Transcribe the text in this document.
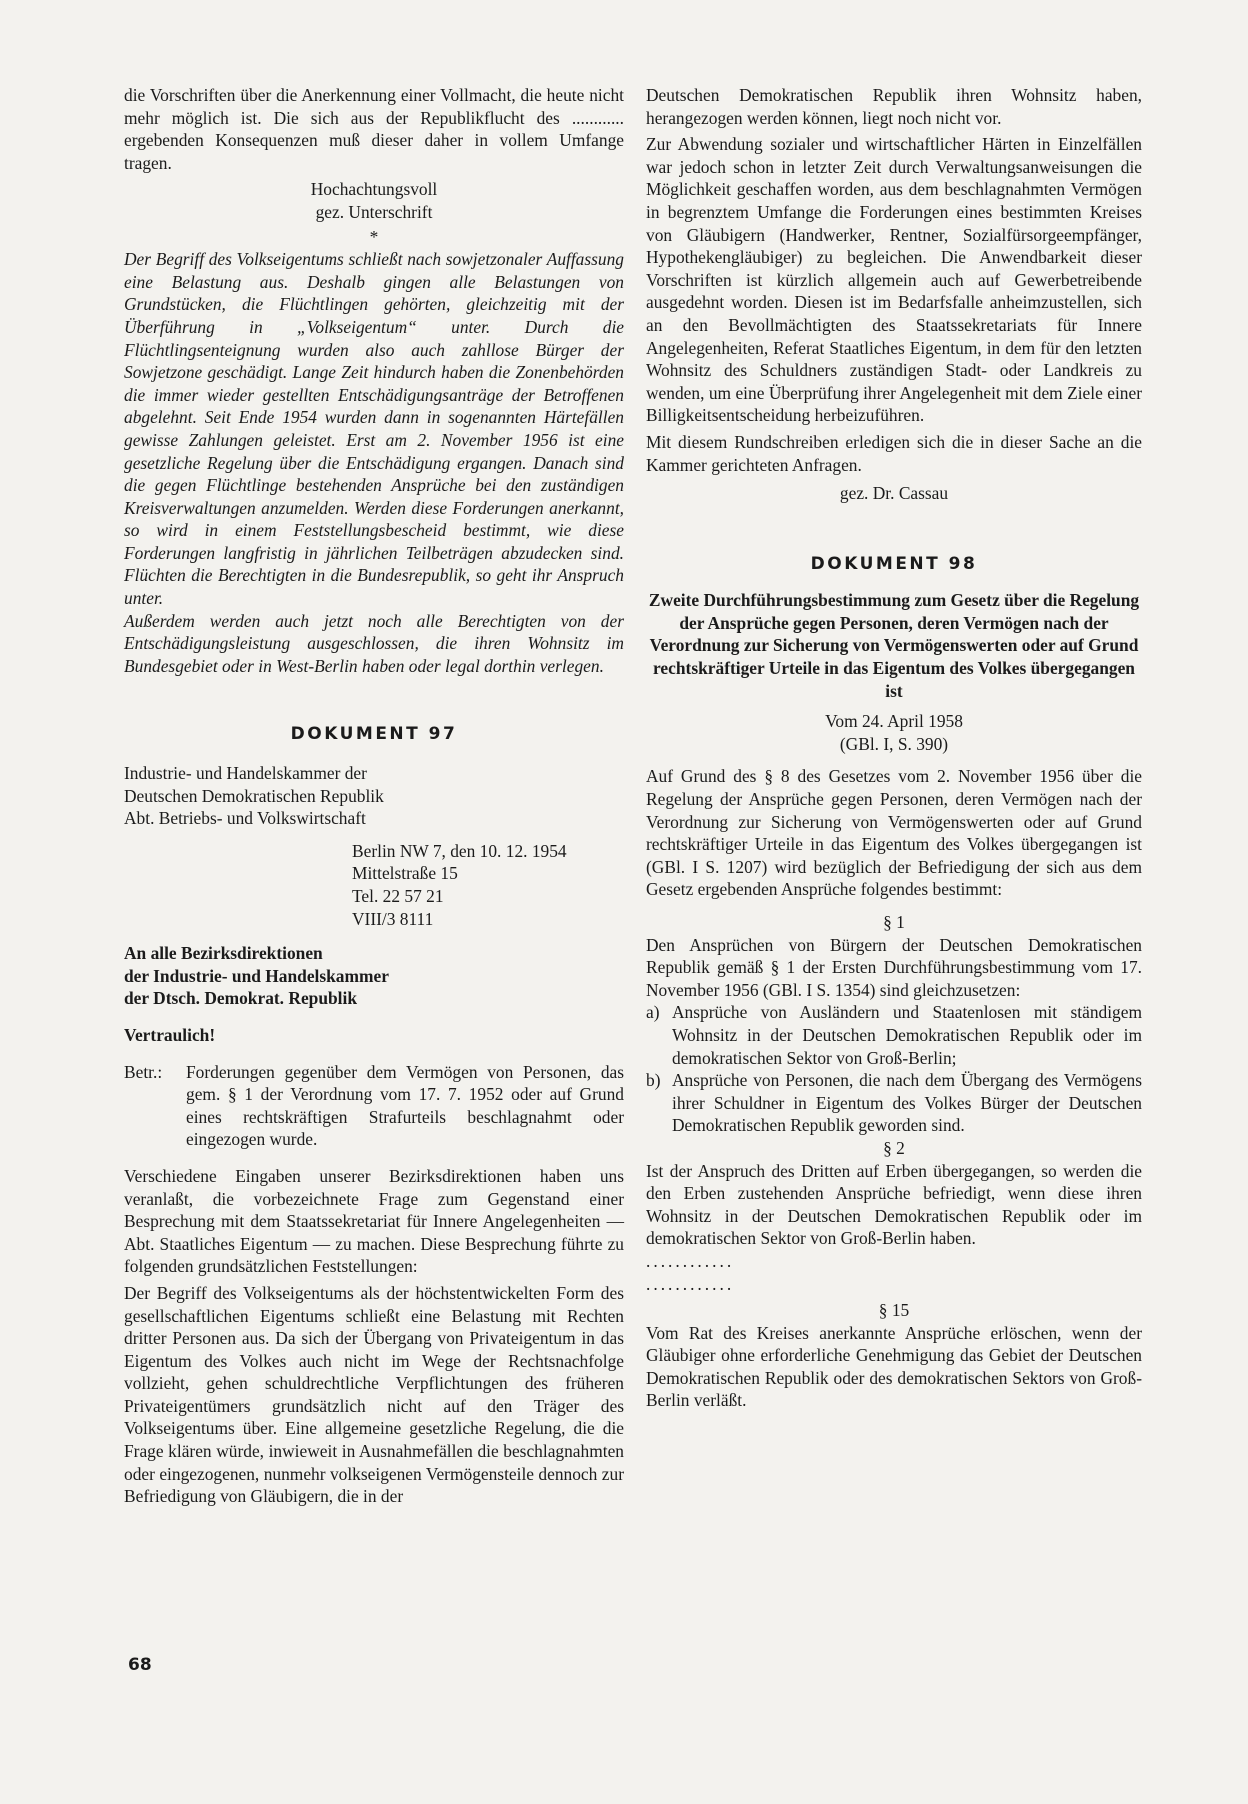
die Vorschriften über die Anerkennung einer Vollmacht, die heute nicht mehr möglich ist. Die sich aus der Republikflucht des ............ ergebenden Konsequenzen muß dieser daher in vollem Umfange tragen.

Hochachtungsvoll

gez. Unterschrift

*

Der Begriff des Volkseigentums schließt nach sowjetzonaler Auffassung eine Belastung aus. Deshalb gingen alle Belastungen von Grundstücken, die Flüchtlingen gehörten, gleichzeitig mit der Überführung in „Volkseigentum“ unter. Durch die Flüchtlingsenteignung wurden also auch zahllose Bürger der Sowjetzone geschädigt. Lange Zeit hindurch haben die Zonenbehörden die immer wieder gestellten Entschädigungsanträge der Betroffenen abgelehnt. Seit Ende 1954 wurden dann in sogenannten Härtefällen gewisse Zahlungen geleistet. Erst am 2. November 1956 ist eine gesetzliche Regelung über die Entschädigung ergangen. Danach sind die gegen Flüchtlinge bestehenden Ansprüche bei den zuständigen Kreisverwaltungen anzumelden. Werden diese Forderungen anerkannt, so wird in einem Feststellungsbescheid bestimmt, wie diese Forderungen langfristig in jährlichen Teilbeträgen abzudecken sind. Flüchten die Berechtigten in die Bundesrepublik, so geht ihr Anspruch unter.

Außerdem werden auch jetzt noch alle Berechtigten von der Entschädigungsleistung ausgeschlossen, die ihren Wohnsitz im Bundesgebiet oder in West-Berlin haben oder legal dorthin verlegen.

DOKUMENT 97

Industrie- und Handelskammer der
Deutschen Demokratischen Republik
Abt. Betriebs- und Volkswirtschaft
Berlin NW 7, den 10. 12. 1954
Mittelstraße 15
Tel. 22 57 21
VIII/3 8111
An alle Bezirksdirektionen
der Industrie- und Handelskammer
der Dtsch. Demokrat. Republik

Vertraulich!

Betr.:	Forderungen gegenüber dem Vermögen von Personen, das gem. § 1 der Verordnung vom 17. 7. 1952 oder auf Grund eines rechtskräftigen Strafurteils beschlagnahmt oder eingezogen wurde.

Verschiedene Eingaben unserer Bezirksdirektionen haben uns veranlaßt, die vorbezeichnete Frage zum Gegenstand einer Besprechung mit dem Staatssekretariat für Innere Angelegenheiten — Abt. Staatliches Eigentum — zu machen. Diese Besprechung führte zu folgenden grundsätzlichen Feststellungen:

Der Begriff des Volkseigentums als der höchstentwickelten Form des gesellschaftlichen Eigentums schließt eine Belastung mit Rechten dritter Personen aus. Da sich der Übergang von Privateigentum in das Eigentum des Volkes auch nicht im Wege der Rechtsnachfolge vollzieht, gehen schuldrechtliche Verpflichtungen des früheren Privateigentümers grundsätzlich nicht auf den Träger des Volkseigentums über. Eine allgemeine gesetzliche Regelung, die die Frage klären würde, inwieweit in Ausnahmefällen die beschlagnahmten oder eingezogenen, nunmehr volkseigenen Vermögensteile dennoch zur Befriedigung von Gläubigern, die in der

Deutschen Demokratischen Republik ihren Wohnsitz haben, herangezogen werden können, liegt noch nicht vor.

Zur Abwendung sozialer und wirtschaftlicher Härten in Einzelfällen war jedoch schon in letzter Zeit durch Verwaltungsanweisungen die Möglichkeit geschaffen worden, aus dem beschlagnahmten Vermögen in begrenztem Umfange die Forderungen eines bestimmten Kreises von Gläubigern (Handwerker, Rentner, Sozialfürsorgeempfänger, Hypothekengläubiger) zu begleichen. Die Anwendbarkeit dieser Vorschriften ist kürzlich allgemein auch auf Gewerbetreibende ausgedehnt worden. Diesen ist im Bedarfsfalle anheimzustellen, sich an den Bevollmächtigten des Staatssekretariats für Innere Angelegenheiten, Referat Staatliches Eigentum, in dem für den letzten Wohnsitz des Schuldners zuständigen Stadt- oder Landkreis zu wenden, um eine Überprüfung ihrer Angelegenheit mit dem Ziele einer Billigkeitsentscheidung herbeizuführen.

Mit diesem Rundschreiben erledigen sich die in dieser Sache an die Kammer gerichteten Anfragen.

gez. Dr. Cassau

DOKUMENT 98

Zweite Durchführungsbestimmung zum Gesetz über die Regelung der Ansprüche gegen Personen, deren Vermögen nach der Verordnung zur Sicherung von Vermögenswerten oder auf Grund rechtskräftiger Urteile in das Eigentum des Volkes übergegangen ist

Vom 24. April 1958

(GBl. I, S. 390)

Auf Grund des § 8 des Gesetzes vom 2. November 1956 über die Regelung der Ansprüche gegen Personen, deren Vermögen nach der Verordnung zur Sicherung von Vermögenswerten oder auf Grund rechtskräftiger Urteile in das Eigentum des Volkes übergegangen ist (GBl. I S. 1207) wird bezüglich der Befriedigung der sich aus dem Gesetz ergebenden Ansprüche folgendes bestimmt:

§ 1

Den Ansprüchen von Bürgern der Deutschen Demokratischen Republik gemäß § 1 der Ersten Durchführungsbestimmung vom 17. November 1956 (GBl. I S. 1354) sind gleichzusetzen:

a) Ansprüche von Ausländern und Staatenlosen mit ständigem Wohnsitz in der Deutschen Demokratischen Republik oder im demokratischen Sektor von Groß-Berlin;
b) Ansprüche von Personen, die nach dem Übergang des Vermögens ihrer Schuldner in Eigentum des Volkes Bürger der Deutschen Demokratischen Republik geworden sind.

§ 2

Ist der Anspruch des Dritten auf Erben übergegangen, so werden die den Erben zustehenden Ansprüche befriedigt, wenn diese ihren Wohnsitz in der Deutschen Demokratischen Republik oder im demokratischen Sektor von Groß-Berlin haben.

............

............

§ 15

Vom Rat des Kreises anerkannte Ansprüche erlöschen, wenn der Gläubiger ohne erforderliche Genehmigung das Gebiet der Deutschen Demokratischen Republik oder des demokratischen Sektors von Groß-Berlin verläßt.

68
